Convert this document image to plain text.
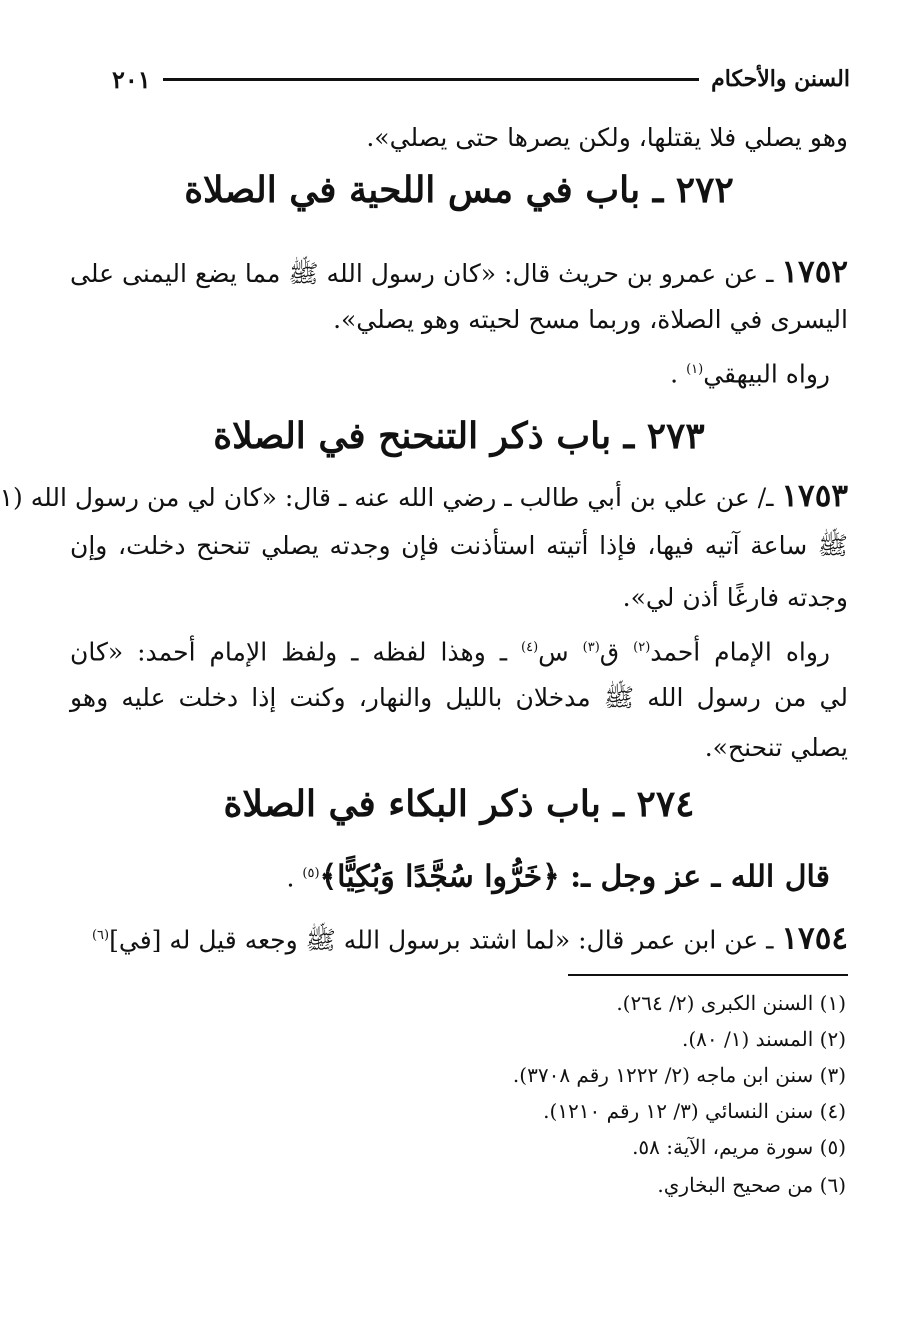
السنن والأحكام
٢٠١
وهو يصلي فلا يقتلها، ولكن يصرها حتى يصلي».
٢٧٢ ـ باب في مس اللحية في الصلاة
١٧٥٢ ـ عن عمرو بن حريث قال: «كان رسول الله ﷺ مما يضع اليمنى على
اليسرى في الصلاة، وربما مسح لحيته وهو يصلي».
رواه البيهقي$^{(١)}$ .
٢٧٣ ـ باب ذكر التنحنح في الصلاة
١٧٥٣ ـ/ عن علي بن أبي طالب ـ رضي الله عنه ـ قال: «كان لي من رسول الله (١
ﷺ ساعة آتيه فيها، فإذا أتيته استأذنت فإن وجدته يصلي تنحنح دخلت، وإن
وجدته فارغًا أذن لي».
رواه الإمام أحمد$^{(٢)}$ ق$^{(٣)}$ س$^{(٤)}$ ـ وهذا لفظه ـ ولفظ الإمام أحمد: «كان
لي من رسول الله ﷺ مدخلان بالليل والنهار، وكنت إذا دخلت عليه وهو
يصلي تنحنح».
٢٧٤ ـ باب ذكر البكاء في الصلاة
قال الله ـ عز وجل ـ: ﴿خَرُّوا سُجَّدًا وَبُكِيًّا﴾$^{(٥)}$ .
١٧٥٤ ـ عن ابن عمر قال: «لما اشتد برسول الله ﷺ وجعه قيل له [في]$^{(٦)}$
(١) السنن الكبرى (٢/ ٢٦٤).
(٢) المسند (١/ ٨٠).
(٣) سنن ابن ماجه (٢/ ١٢٢٢ رقم ٣٧٠٨).
(٤) سنن النسائي (٣/ ١٢ رقم ١٢١٠).
(٥) سورة مريم، الآية: ٥٨.
(٦) من صحيح البخاري.
